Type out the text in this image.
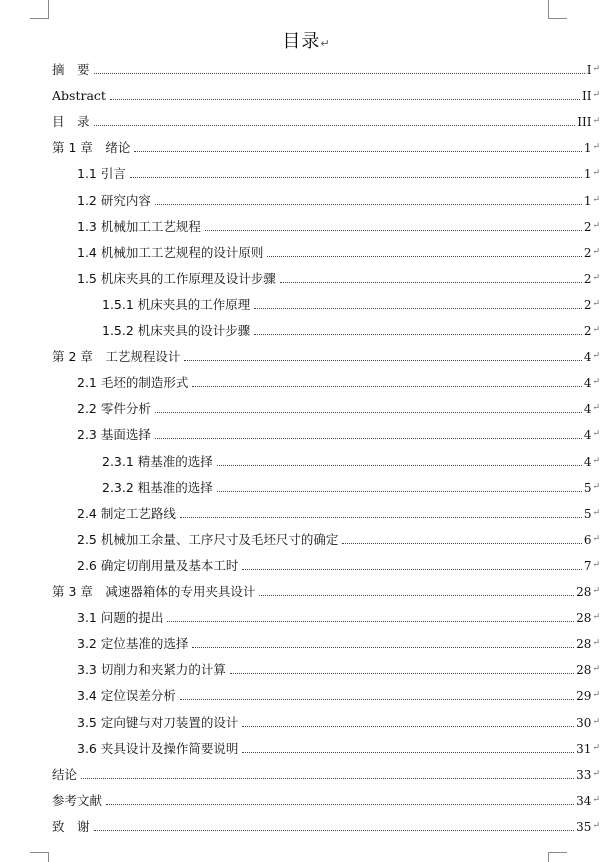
目录↵
摘　要	I ↵
Abstract	II ↵
目　录	III ↵
第 1 章　绪论	1 ↵
1.1 引言	1 ↵
1.2 研究内容	1 ↵
1.3 机械加工工艺规程	2 ↵
1.4 机械加工工艺规程的设计原则	2 ↵
1.5 机床夹具的工作原理及设计步骤	2 ↵
1.5.1 机床夹具的工作原理	2 ↵
1.5.2 机床夹具的设计步骤	2 ↵
第 2 章　工艺规程设计	4 ↵
2.1 毛坯的制造形式	4 ↵
2.2 零件分析	4 ↵
2.3 基面选择	4 ↵
2.3.1 精基准的选择	4 ↵
2.3.2 粗基准的选择	5 ↵
2.4 制定工艺路线	5 ↵
2.5 机械加工余量、工序尺寸及毛坯尺寸的确定	6 ↵
2.6 确定切削用量及基本工时	7 ↵
第 3 章　减速器箱体的专用夹具设计	28 ↵
3.1 问题的提出	28 ↵
3.2 定位基准的选择	28 ↵
3.3 切削力和夹紧力的计算	28 ↵
3.4 定位误差分析	29 ↵
3.5 定向键与对刀装置的设计	30 ↵
3.6 夹具设计及操作简要说明	31 ↵
结论	33 ↵
参考文献	34 ↵
致　谢	35 ↵
